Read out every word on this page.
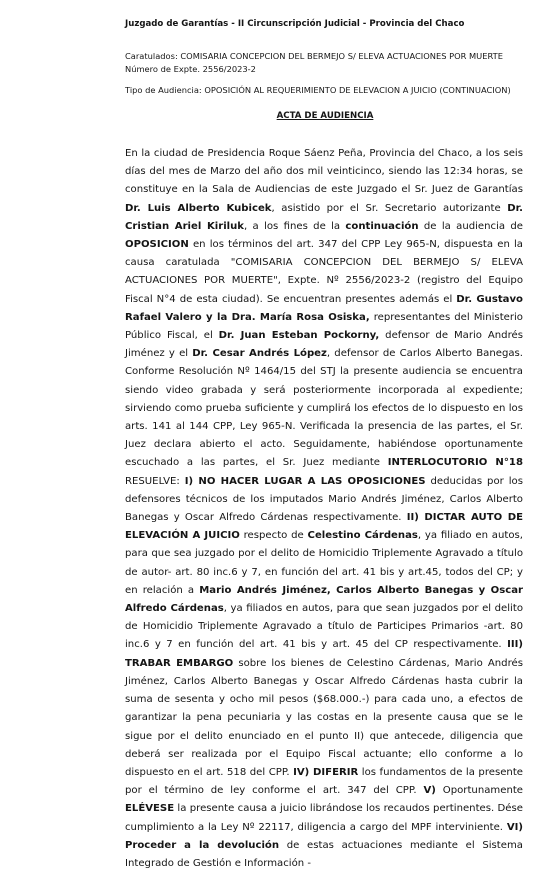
Juzgado de Garantías - II Circunscripción Judicial - Provincia del Chaco
Caratulados: COMISARIA CONCEPCION DEL BERMEJO S/ ELEVA ACTUACIONES POR MUERTE
Número de Expte. 2556/2023-2
Tipo de Audiencia: OPOSICIÓN AL REQUERIMIENTO DE ELEVACION A JUICIO (CONTINUACION)
ACTA DE AUDIENCIA

En la ciudad de Presidencia Roque Sáenz Peña, Provincia del Chaco, a los seis días del mes de Marzo del año dos mil veinticinco, siendo las 12:34 horas, se constituye en la Sala de Audiencias de este Juzgado el Sr. Juez de Garantías Dr. Luis Alberto Kubicek, asistido por el Sr. Secretario autorizante Dr. Cristian Ariel Kiriluk, a los fines de la continuación de la audiencia de OPOSICION en los términos del art. 347 del CPP Ley 965-N, dispuesta en la causa caratulada "COMISARIA CONCEPCION DEL BERMEJO S/ ELEVA ACTUACIONES POR MUERTE", Expte. Nº 2556/2023-2 (registro del Equipo Fiscal N°4 de esta ciudad). Se encuentran presentes además el Dr. Gustavo Rafael Valero y la Dra. María Rosa Osiska, representantes del Ministerio Público Fiscal, el Dr. Juan Esteban Pockorny, defensor de Mario Andrés Jiménez y el Dr. Cesar Andrés López, defensor de Carlos Alberto Banegas. Conforme Resolución Nº 1464/15 del STJ la presente audiencia se encuentra siendo video grabada y será posteriormente incorporada al expediente; sirviendo como prueba suficiente y cumplirá los efectos de lo dispuesto en los arts. 141 al 144 CPP, Ley 965-N. Verificada la presencia de las partes, el Sr. Juez declara abierto el acto. Seguidamente, habiéndose oportunamente escuchado a las partes, el Sr. Juez mediante INTERLOCUTORIO N°18 RESUELVE: I) NO HACER LUGAR A LAS OPOSICIONES deducidas por los defensores técnicos de los imputados Mario Andrés Jiménez, Carlos Alberto Banegas y Oscar Alfredo Cárdenas respectivamente. II) DICTAR AUTO DE ELEVACIÓN A JUICIO respecto de Celestino Cárdenas, ya filiado en autos, para que sea juzgado por el delito de Homicidio Triplemente Agravado a título de autor- art. 80 inc.6 y 7, en función del art. 41 bis y art.45, todos del CP; y en relación a Mario Andrés Jiménez, Carlos Alberto Banegas y Oscar Alfredo Cárdenas, ya filiados en autos, para que sean juzgados por el delito de Homicidio Triplemente Agravado a título de Participes Primarios -art. 80 inc.6 y 7 en función del art. 41 bis y art. 45 del CP respectivamente. III) TRABAR EMBARGO sobre los bienes de Celestino Cárdenas, Mario Andrés Jiménez, Carlos Alberto Banegas y Oscar Alfredo Cárdenas hasta cubrir la suma de sesenta y ocho mil pesos ($68.000.-) para cada uno, a efectos de garantizar la pena pecuniaria y las costas en la presente causa que se le sigue por el delito enunciado en el punto II) que antecede, diligencia que deberá ser realizada por el Equipo Fiscal actuante; ello conforme a lo dispuesto en el art. 518 del CPP. IV) DIFERIR los fundamentos de la presente por el término de ley conforme el art. 347 del CPP. V) Oportunamente ELÉVESE la presente causa a juicio librándose los recaudos pertinentes. Dése cumplimiento a la Ley Nº 22117, diligencia a cargo del MPF interviniente. VI) Proceder a la devolución de estas actuaciones mediante el Sistema Integrado de Gestión e Información -
